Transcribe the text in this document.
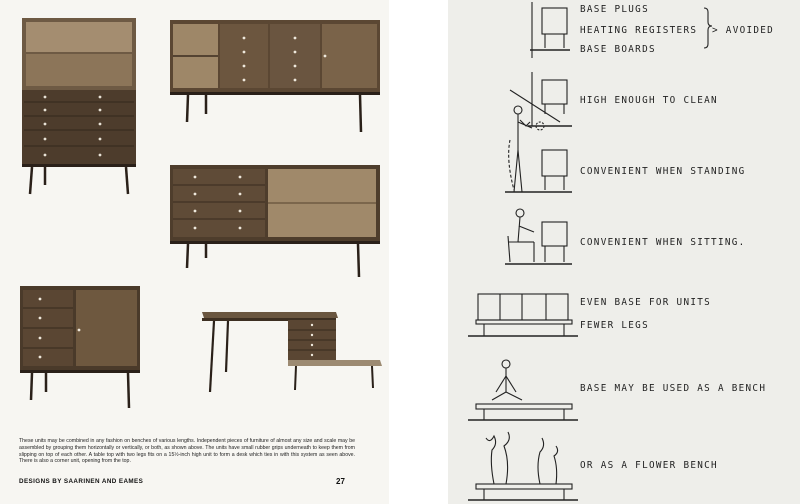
These units may be combined in any fashion on benches of various lengths. Independent pieces of furniture of almost any size and scale may be assembled by grouping them horizontally or vertically, or both, as shown above. The units have small rubber grips underneath to keep them from slipping on top of each other. A table top with two legs fits on a 15½-inch high unit to form a desk which ties in with this system as seen above. There is also a corner unit, opening from the top.
DESIGNS BY SAARINEN AND EAMES	27
BASE PLUGS
HEATING REGISTERS
BASE BOARDS
> AVOIDED
HIGH ENOUGH TO CLEAN
CONVENIENT WHEN STANDING
CONVENIENT WHEN SITTING.
EVEN BASE FOR UNITS
FEWER LEGS
BASE MAY BE USED AS A BENCH
OR AS A FLOWER BENCH
